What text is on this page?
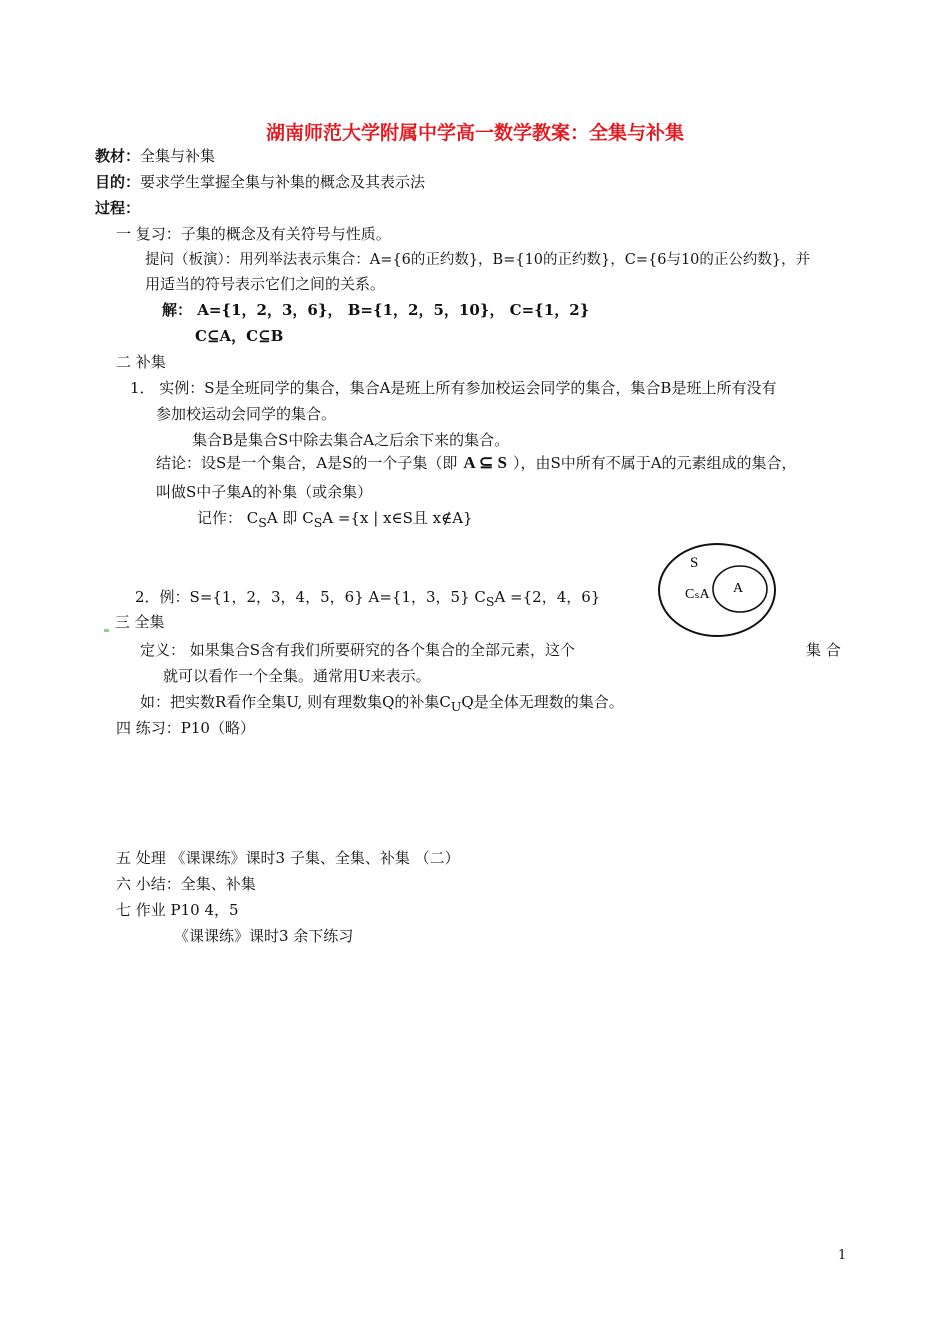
湖南师范大学附属中学高一数学教案：全集与补集
教材：全集与补集
目的：要求学生掌握全集与补集的概念及其表示法
过程：
一 复习：子集的概念及有关符号与性质。
提问（板演）：用列举法表示集合：A={6的正约数}，B={10的正约数}，C={6与10的正公约数}，并
用适当的符号表示它们之间的关系。
解： A={1，2，3，6}， B={1，2，5，10}， C={1，2}
C⊆A，C⊆B
二 补集
1． 实例：S是全班同学的集合，集合A是班上所有参加校运会同学的集合，集合B是班上所有没有
参加校运动会同学的集合。
集合B是集合S中除去集合A之后余下来的集合。
结论：设S是一个集合，A是S的一个子集（即 A ⊆ S ），由S中所有不属于A的元素组成的集合，
叫做S中子集A的补集（或余集）
记作： $C_SA$ 即 $C_SA =\{x$ | x∈S且 x∉A}
2．例：S={1，2，3，4，5，6} A={1，3，5} $C_SA =\{2$，4，6}
S
CₛA A
三 全集
定义： 如果集合S含有我们所要研究的各个集合的全部元素，这个	集 合
就可以看作一个全集。通常用U来表示。
如：把实数R看作全集U, 则有理数集Q的补集$C_UQ$是全体无理数的集合。
四 练习：P10（略）
五 处理 《课课练》课时3 子集、全集、补集 （二）
六 小结：全集、补集
七 作业 P10 4，5
《课课练》课时3 余下练习
1
